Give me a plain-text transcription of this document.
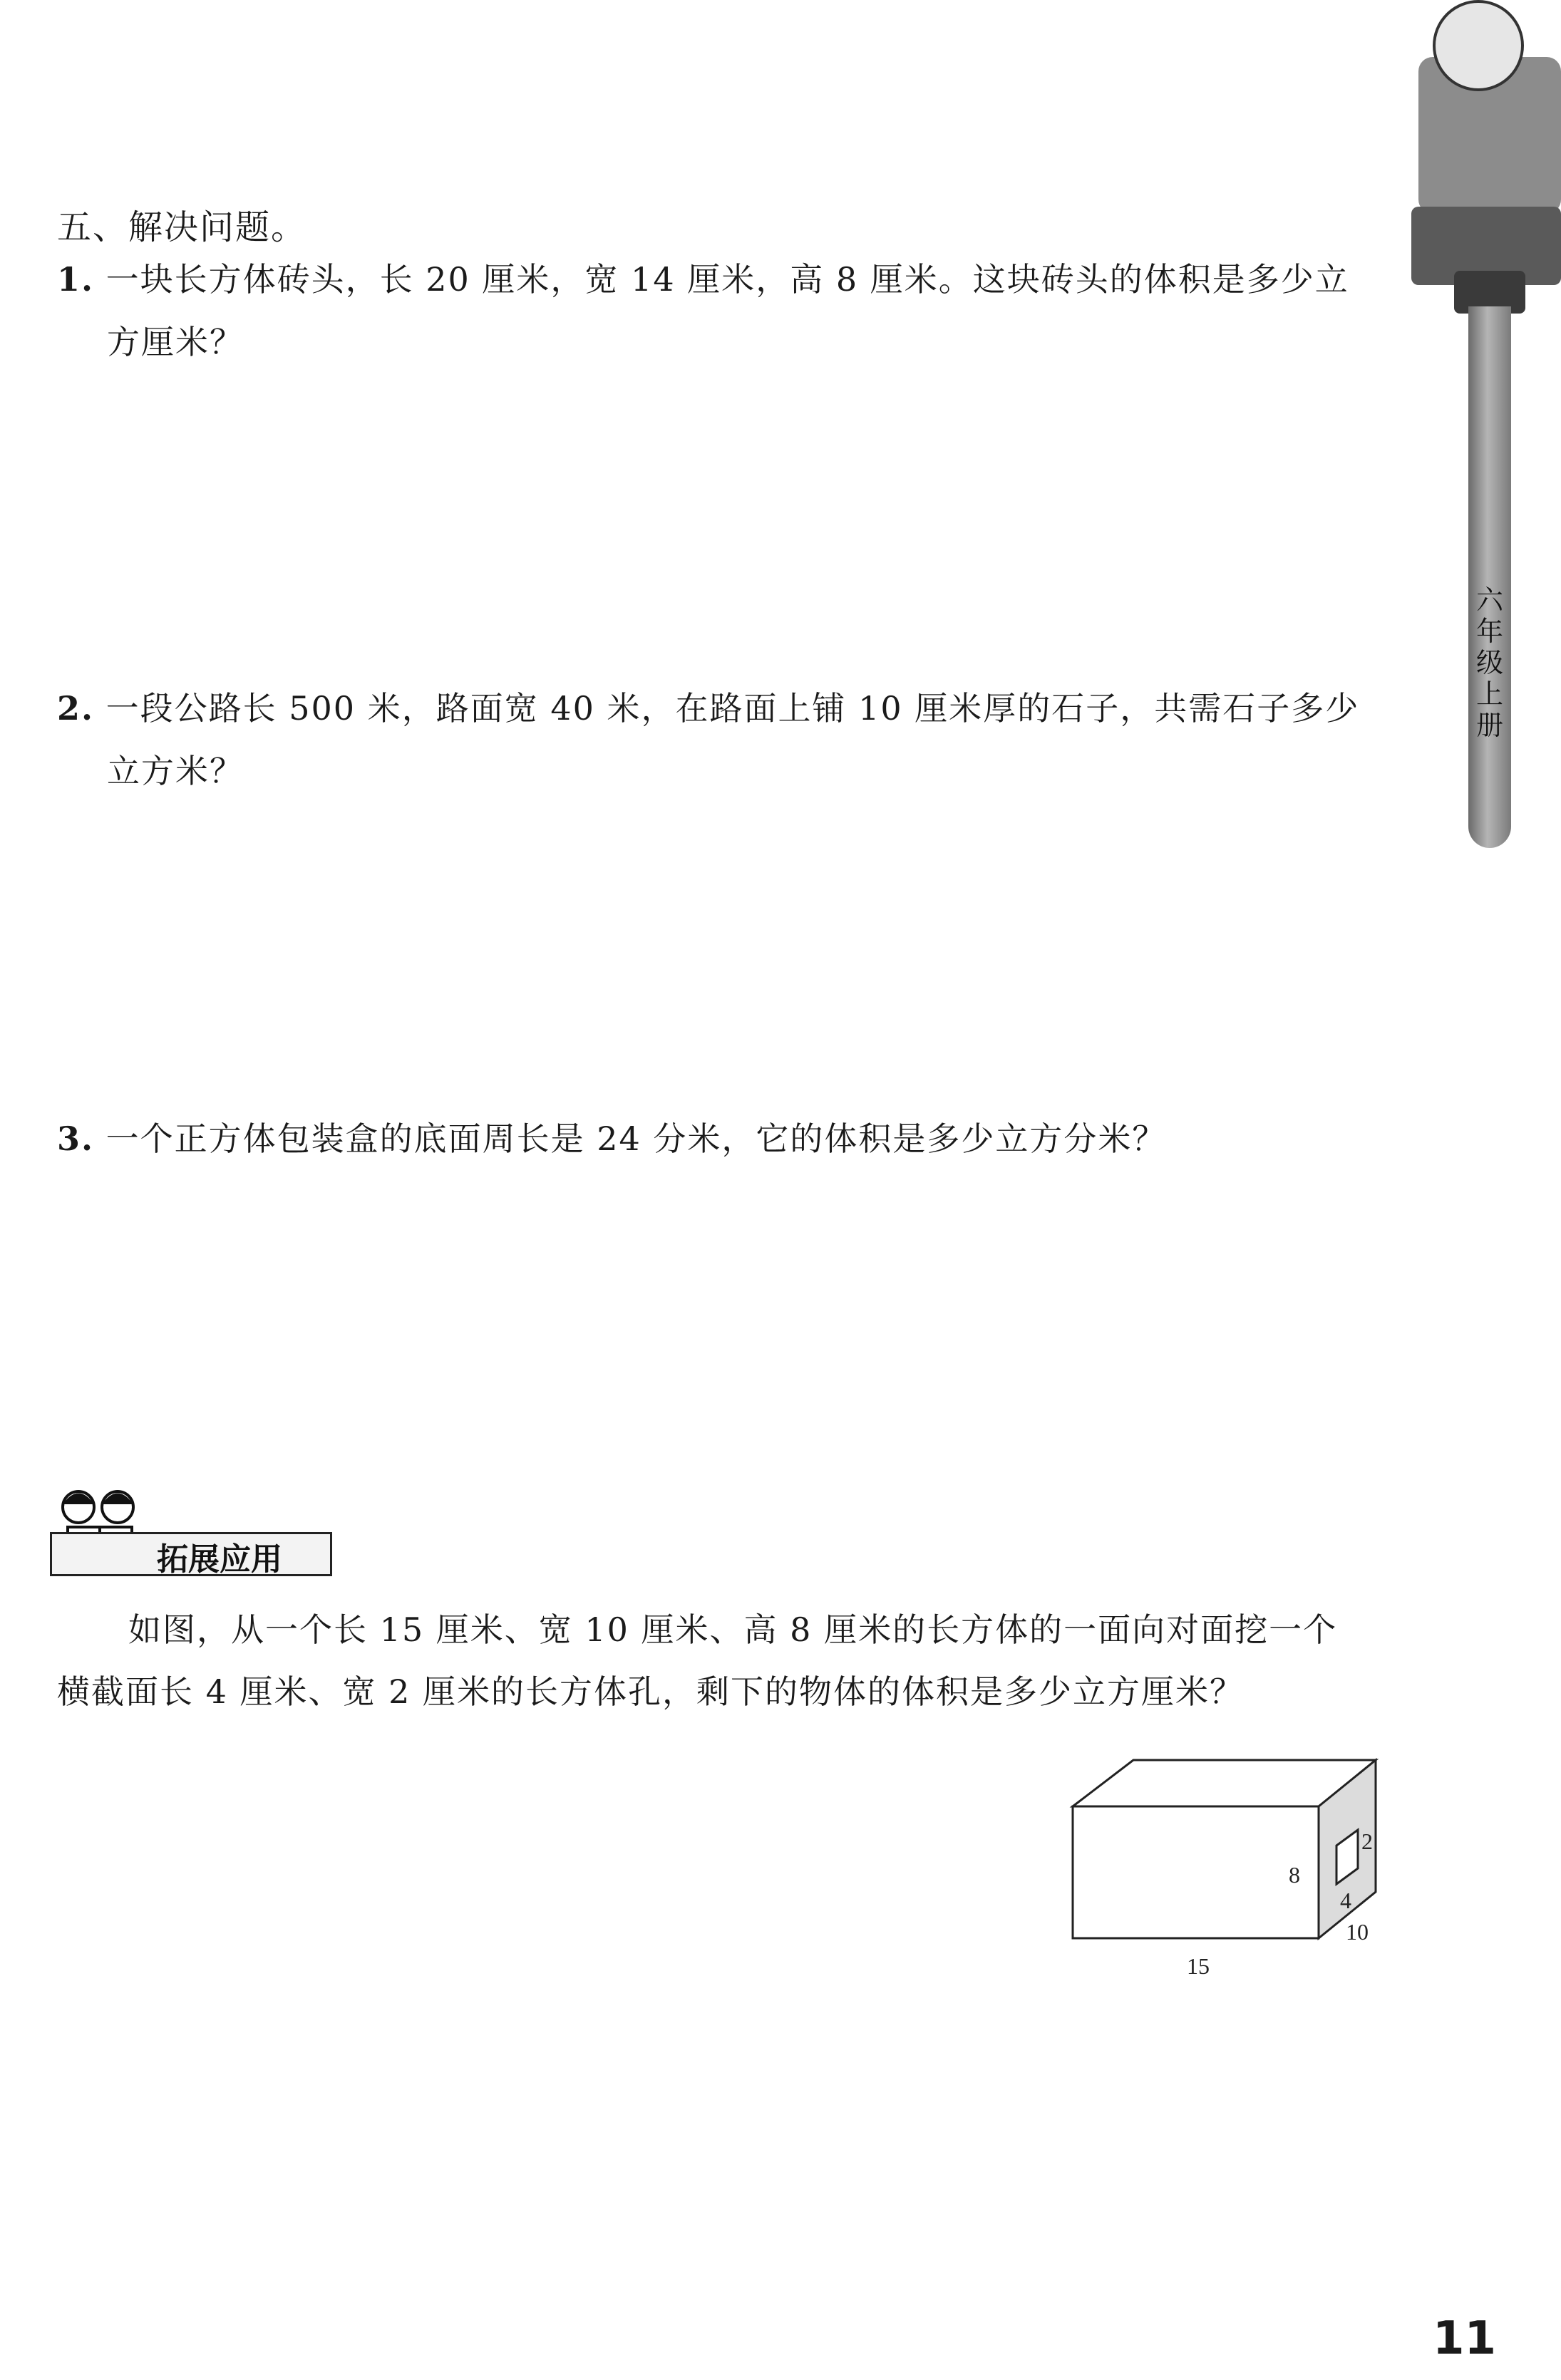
六年级上册
五、解决问题。
1. 一块长方体砖头，长 20 厘米，宽 14 厘米，高 8 厘米。这块砖头的体积是多少立
方厘米？
2. 一段公路长 500 米，路面宽 40 米，在路面上铺 10 厘米厚的石子，共需石子多少
立方米？
3. 一个正方体包装盒的底面周长是 24 分米，它的体积是多少立方分米？
拓展应用
如图，从一个长 15 厘米、宽 10 厘米、高 8 厘米的长方体的一面向对面挖一个
横截面长 4 厘米、宽 2 厘米的长方体孔，剩下的物体的体积是多少立方厘米？
8
2
4
10
15
11
